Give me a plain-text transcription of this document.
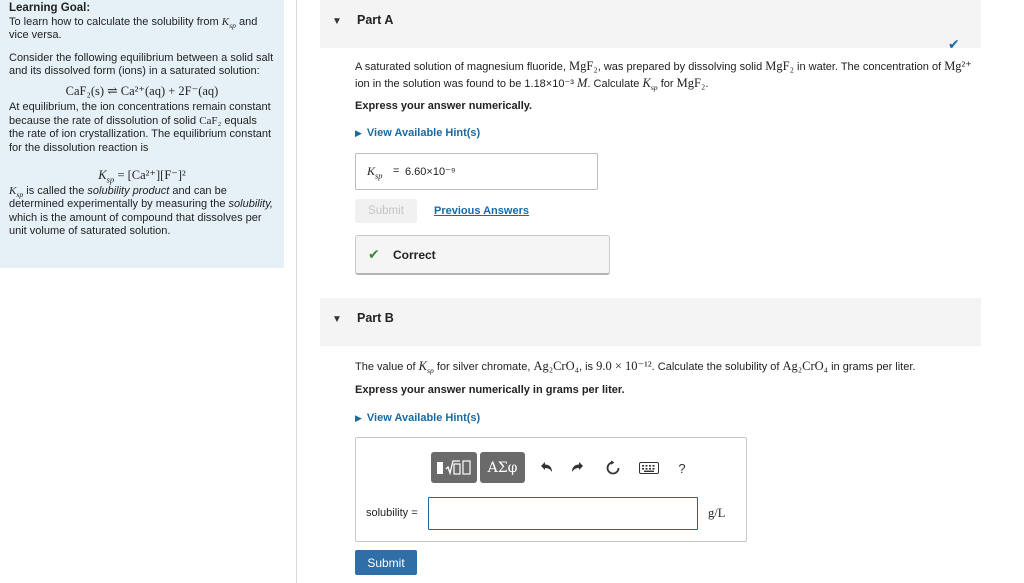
Learning Goal:

To learn how to calculate the solubility from $K_{sp}$ and vice versa.

Consider the following equilibrium between a solid salt and its dissolved form (ions) in a saturated solution:

CaF₂(s) ⇌ Ca²⁺(aq) + 2F⁻(aq)

At equilibrium, the ion concentrations remain constant because the rate of dissolution of solid CaF₂ equals the rate of ion crystallization. The equilibrium constant for the dissolution reaction is

$K_{sp} = [Ca^{2+}][F^-]^2$

$K_{sp}$ is called the solubility product and can be determined experimentally by measuring the solubility, which is the amount of compound that dissolves per unit volume of saturated solution.

▼ Part A
✔
A saturated solution of magnesium fluoride, MgF₂, was prepared by dissolving solid MgF₂ in water. The concentration of Mg²⁺ ion in the solution was found to be 1.18×10⁻³ M. Calculate $K_{sp}$ for MgF₂.
Express your answer numerically.
▶ View Available Hint(s)
$K_{sp} = 6.60\times 10^{-9}$
Submit	Previous Answers
✔ Correct
▼ Part B
The value of $K_{sp}$ for silver chromate, Ag₂CrO₄, is 9.0 × 10⁻¹². Calculate the solubility of Ag₂CrO₄ in grams per liter.
Express your answer numerically in grams per liter.
▶ View Available Hint(s)
ΑΣφ	?
solubility =	g/L
Submit
